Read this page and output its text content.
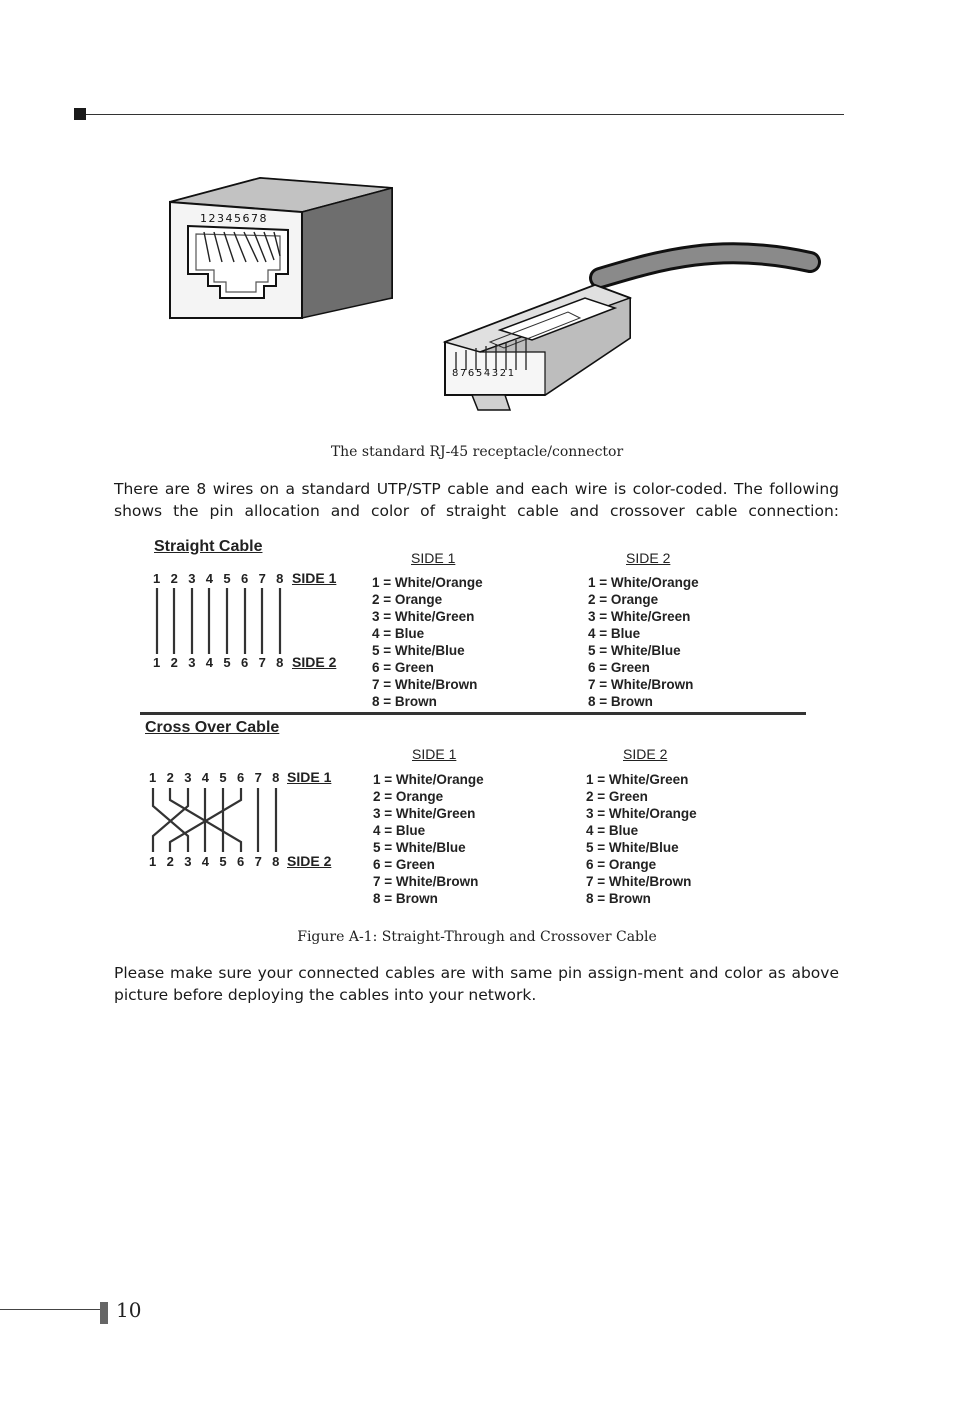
12345678
87654321
The standard RJ-45 receptacle/connector
There are 8 wires on a standard UTP/STP cable and each wire is color-coded. The following shows the pin allocation and color of straight cable and crossover cable connection:
Straight Cable
1 2 3 4 5 6 7 8 SIDE 1
1 2 3 4 5 6 7 8 SIDE 2
SIDE 1	SIDE 2
1 = White/Orange
2 = Orange
3 = White/Green
4 = Blue
5 = White/Blue
6 = Green
7 = White/Brown
8 = Brown
1 = White/Orange
2 = Orange
3 = White/Green
4 = Blue
5 = White/Blue
6 = Green
7 = White/Brown
8 = Brown
Cross Over Cable
1 2 3 4 5 6 7 8 SIDE 1
1 2 3 4 5 6 7 8 SIDE 2
SIDE 1	SIDE 2
1 = White/Orange
2 = Orange
3 = White/Green
4 = Blue
5 = White/Blue
6 = Green
7 = White/Brown
8 = Brown
1 = White/Green
2 = Green
3 = White/Orange
4 = Blue
5 = White/Blue
6 = Orange
7 = White/Brown
8 = Brown
Figure A-1: Straight-Through and Crossover Cable
Please make sure your connected cables are with same pin assign-ment and color as above picture before deploying the cables into your network.
10
